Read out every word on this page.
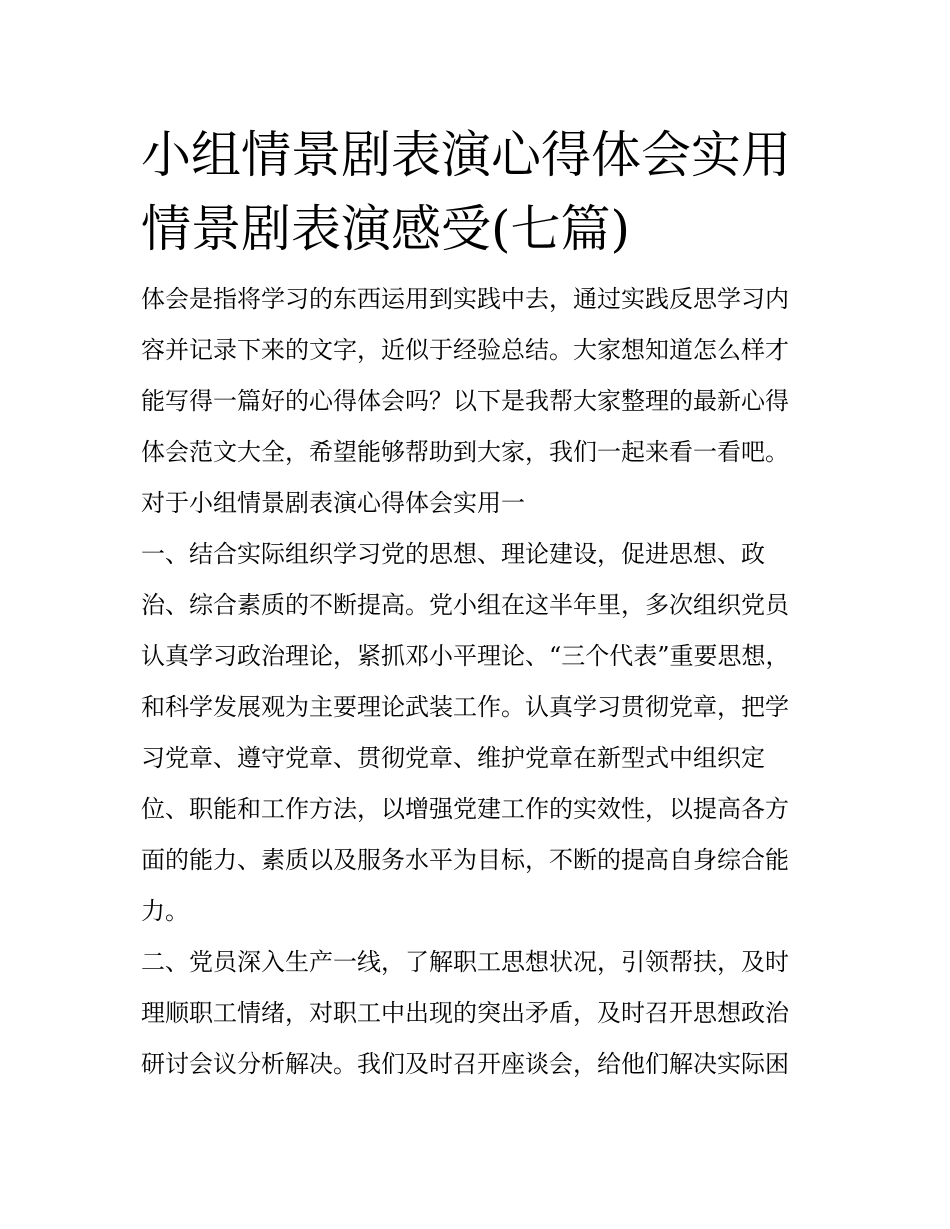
小组情景剧表演心得体会实用
情景剧表演感受(七篇)
体会是指将学习的东西运用到实践中去，通过实践反思学习内
容并记录下来的文字，近似于经验总结。大家想知道怎么样才
能写得一篇好的心得体会吗？以下是我帮大家整理的最新心得
体会范文大全，希望能够帮助到大家，我们一起来看一看吧。
对于小组情景剧表演心得体会实用一
一、结合实际组织学习党的思想、理论建设，促进思想、政
治、综合素质的不断提高。党小组在这半年里，多次组织党员
认真学习政治理论，紧抓邓小平理论、“三个代表”重要思想，
和科学发展观为主要理论武装工作。认真学习贯彻党章，把学
习党章、遵守党章、贯彻党章、维护党章在新型式中组织定
位、职能和工作方法，以增强党建工作的实效性，以提高各方
面的能力、素质以及服务水平为目标，不断的提高自身综合能
力。
二、党员深入生产一线，了解职工思想状况，引领帮扶，及时
理顺职工情绪，对职工中出现的突出矛盾，及时召开思想政治
研讨会议分析解决。我们及时召开座谈会，给他们解决实际困
